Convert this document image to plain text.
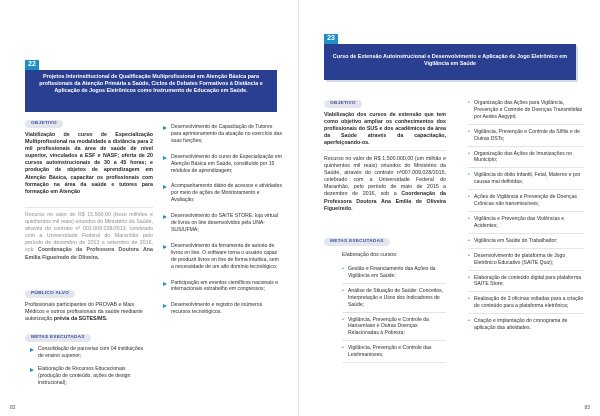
22
Projetos Interinstitucional de Qualificação Multiprofissional em Atenção Básica para profissionais da Atenção Primária a Saúde, Ciclos de Debates Formativos à Distância e Aplicação de Jogos Eletrônicos como Instrumento de Educação em Saúde.
OBJETIVO

Viabilização de curso de Especialização Multiprofissional na modalidade a distância para 2 mil profissionais da área de saúde de nível superior, vinculados a ESF e NASF; oferta de 20 cursos autoinstrucionais de 30 a 45 horas; e produção de objetos de aprendizagem em Atenção Básica, capacitar os profissionais com formação na área da saúde e tutores para formação em Atenção

Recurso no valor de R$ 15.500,00 (treze milhões e quinhentos mil reais) oriundos do Ministério da Saúde, através do contrato nº 003.009.028/2013, celebrado com a Universidade Federal do Maranhão pelo período de dezembro de 2013 a setembro de 2016, sob Coordenação da Professora Doutora Ana Emília Figueiredo de Oliveira.

PÚBLICO ALVO

Profissionais participantes do PROVAB e Mais Médicos e outros profissionais da saúde mediante autorização prévia da SGTES/MS.

METAS EXECUTADAS
Consolidação de parcerias com 04 instituições de ensino superior;
Elaboração de Recursos Educacionais (produção de conteúdo, ações de design instrucional);
Desenvolvimento de Capacitação de Tutores para aprimoramento da atuação no exercício das suas funções;
Desenvolvimento do curso de Especialização em Atenção Básica em Saúde, constituído por 15 módulos de aprendizagem;
Acompanhamento diário de acessos e atividades por meio de ações de Monitoramento e Avaliação;
Desenvolvimento do SAITE STORE: loja virtual de livros on line desenvolvidos pela UNA-SUS/UFMA;
Desenvolvimento da ferramenta de autoria de livros on line. O software torna o usuário capaz de produzir livros on line de forma intuitiva, sem a necessidade de um alto domínio tecnológico;
Participação em eventos científicos nacionais e internacionais estrabelho em congressos;
Desenvolvimento e registro de inúmeros recursos tecnológicos.
82
23
Curso de Extensão Autoinstrucional e Desenvolvimento e Aplicação de Jogo Eletrônico em Vigilância em Saúde
OBJETIVO

Viabilização dos cursos de extensão que tem como objetivo ampliar os conhecimentos dos profissionais do SUS e dos acadêmicos da área da Saúde através da capacitação, aperfeiçoando-os.

Recurso no valor de R$ 1.500.000,00 (um milhão e quinhentos mil reais) oriundos do Ministério da Saúde, através do contrato nº007.009.028/2015, celebrado com a Universidade Federal do Maranhão, pelo período de maio de 2015 a dezembro de 2016, sob a Coordenação da Professora Doutora Ana Emília de Oliveira Figueiredo.

METAS EXECUTADAS
Elaboração dos cursos:
• Gestão e Financiamento das Ações da Vigilância em Saúde;
• Análise de Situação de Saúde: Conceitos, Interpretação e Usos dos Indicadores de Saúde;
• Vigilância, Prevenção e Controle da Hanseníase e Outras Doenças Relacionadas à Pobreza;
• Vigilância, Prevenção e Controle das Leishmanioses;
• Organização das Ações para Vigilância, Prevenção e Controle de Doenças Transmitidas por Aedes Aegypti;
• Vigilância, Prevenção e Controle da Sífilis e de Outras DSTs;
• Organização das Ações de Imunizações no Município;
• Vigilância do óbito Infantil, Fetal, Materno e por causas mal definidas;
• Ações de Vigilância e Prevenção de Doenças Crônicas não transmissíveis;
• Vigilância e Prevenção das Violências e Acidentes;
• Vigilância em Saúde do Trabalhador;
• Desenvolvimento de plataforma de Jogo Eletrônico Educativo (SAITE Quiz);
• Elaboração de conteúdo digital para plataforma SAITE Store;
• Realização de 3 oficinas voltadas para a criação de conteúdo para a plataforma eletrônica;
• Criação e implantação do cronograma de aplicação das atividades.
83
